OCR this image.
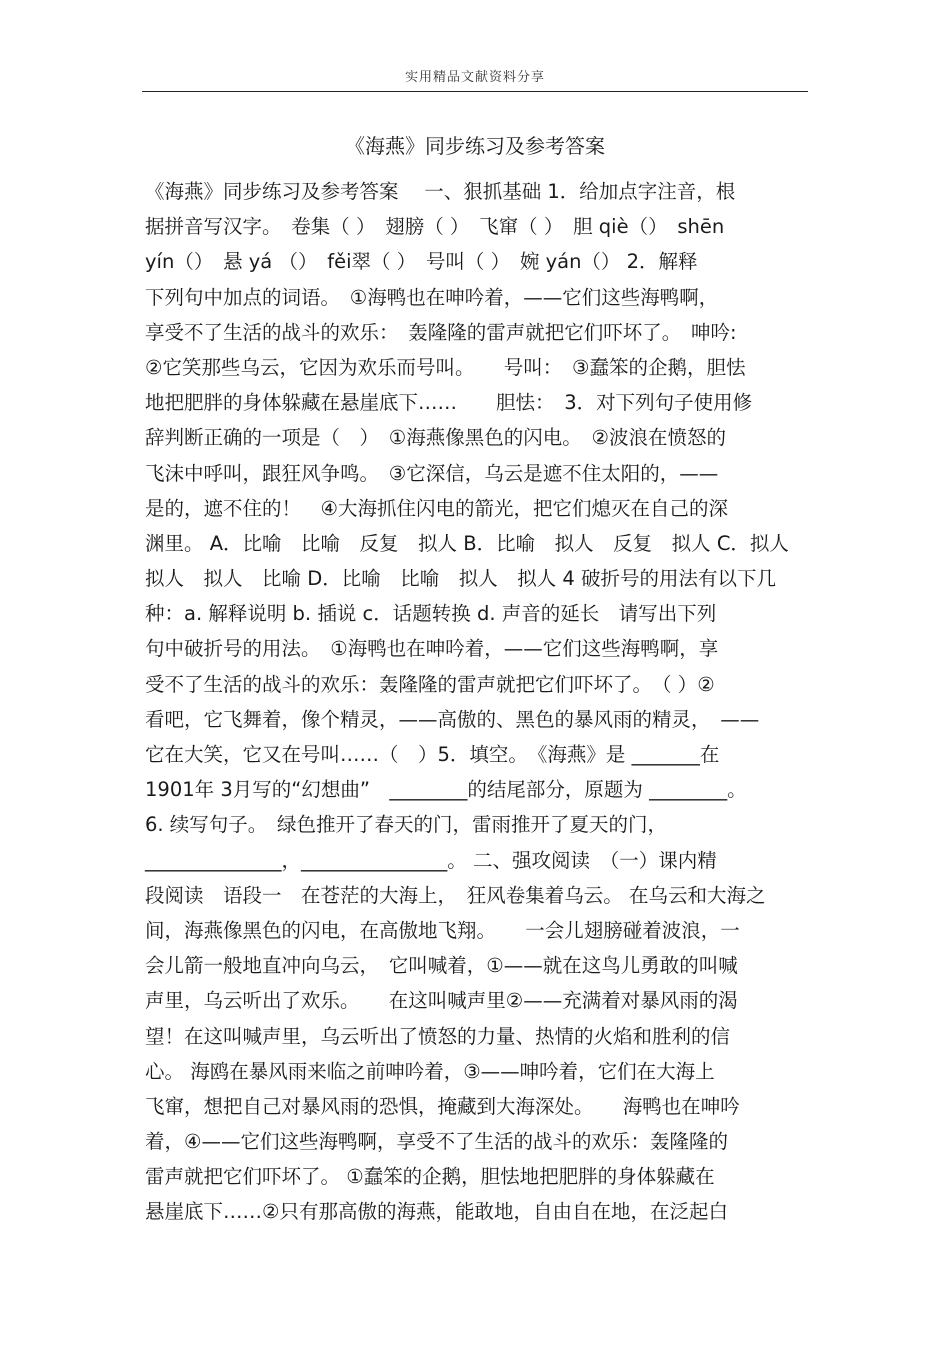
实用精品文献资料分享
《海燕》同步练习及参考答案
《海燕》同步练习及参考答案　 一、狠抓基础 1．给加点字注音，根
据拼音写汉字。　卷集（ ）　翅膀（ ）　飞窜（ ）　胆 qiè（）　shēn
yín（）　悬 yá （）　fěi翠（ ）　号叫（ ）　婉 yán（） 2．解释
下列句中加点的词语。　①海鸭也在呻吟着，——它们这些海鸭啊，
享受不了生活的战斗的欢乐：　轰隆隆的雷声就把它们吓坏了。　呻吟:
②它笑那些乌云，它因为欢乐而号叫。　　号叫：　③蠢笨的企鹅，胆怯
地把肥胖的身体躲藏在悬崖底下……　　胆怯：　3．对下列句子使用修
辞判断正确的一项是（　）　①海燕像黑色的闪电。　②波浪在愤怒的
飞沫中呼叫，跟狂风争鸣。　③它深信，乌云是遮不住太阳的，——
是的，遮不住的！　④大海抓住闪电的箭光，把它们熄灭在自己的深
渊里。 A．比喻　比喻　反复　拟人 B．比喻　拟人　反复　拟人 C．拟人
拟人　拟人　比喻 D．比喻　比喻　拟人　拟人 4 破折号的用法有以下几
种：a. 解释说明 b. 插说 c．话题转换 d. 声音的延长　请写出下列
句中破折号的用法。　①海鸭也在呻吟着，——它们这些海鸭啊，享
受不了生活的战斗的欢乐：轰隆隆的雷声就把它们吓坏了。　（ ）②
看吧，它飞舞着，像个精灵，——高傲的、黑色的暴风雨的精灵，　——
它在大笑，它又在号叫……（　）5．填空。　《海燕》是 _______在
1901年 3月写的“幻想曲”　________的结尾部分，原题为 ________。
6. 续写句子。　绿色推开了春天的门，雷雨推开了夏天的门，
______________，_______________。 二、强攻阅读　（一）课内精
段阅读　语段一　在苍茫的大海上，　狂风卷集着乌云。 在乌云和大海之
间，海燕像黑色的闪电，在高傲地飞翔。　　一会儿翅膀碰着波浪，一
会儿箭一般地直冲向乌云，　它叫喊着，①——就在这鸟儿勇敢的叫喊
声里，乌云听出了欢乐。　　在这叫喊声里②——充满着对暴风雨的渴
望！在这叫喊声里，乌云听出了愤怒的力量、热情的火焰和胜利的信
心。 海鸥在暴风雨来临之前呻吟着，③——呻吟着，它们在大海上
飞窜，想把自己对暴风雨的恐惧，掩藏到大海深处。　　海鸭也在呻吟
着，④——它们这些海鸭啊，享受不了生活的战斗的欢乐：轰隆隆的
雷声就把它们吓坏了。 ①蠢笨的企鹅，胆怯地把肥胖的身体躲藏在
悬崖底下……②只有那高傲的海燕，能敢地，自由自在地，在泛起白
